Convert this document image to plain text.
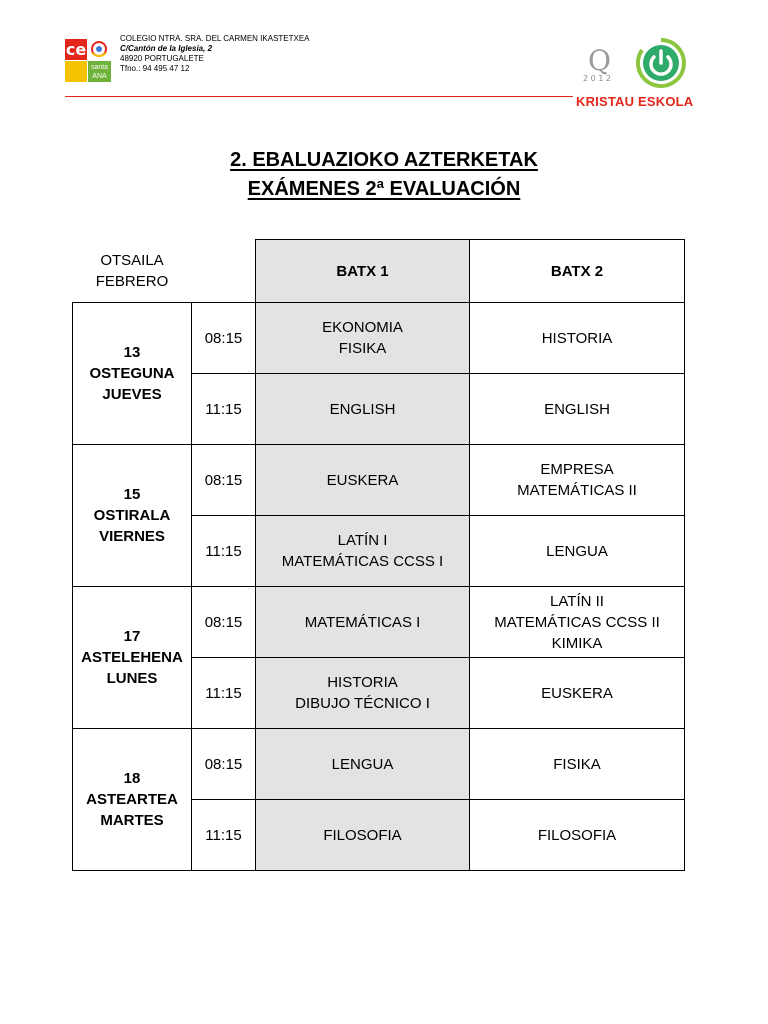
ce
santa ANA
COLEGIO NTRA. SRA. DEL CARMEN IKASTETXEA
C/Cantón de la Iglesia, 2
48920 PORTUGALETE
Tfno.: 94 495 47 12	Q
2 0 1 2
KRISTAU ESKOLA
2. EBALUAZIOKO AZTERKETAK
EXÁMENES 2ª EVALUACIÓN
OTSAILA
FEBRERO		BATX 1	BATX 2

13
OSTEGUNA
JUEVES	08:15	EKONOMIA
FISIKA	HISTORIA

	11:15	ENGLISH	ENGLISH

15
OSTIRALA
VIERNES	08:15	EUSKERA	EMPRESA
MATEMÁTICAS II

	11:15	LATÍN I
MATEMÁTICAS CCSS I	LENGUA

17
ASTELEHENA
LUNES	08:15	MATEMÁTICAS I	LATÍN II
MATEMÁTICAS CCSS II
KIMIKA

	11:15	HISTORIA
DIBUJO TÉCNICO I	EUSKERA

18
ASTEARTEA
MARTES	08:15	LENGUA	FISIKA

	11:15	FILOSOFIA	FILOSOFIA
